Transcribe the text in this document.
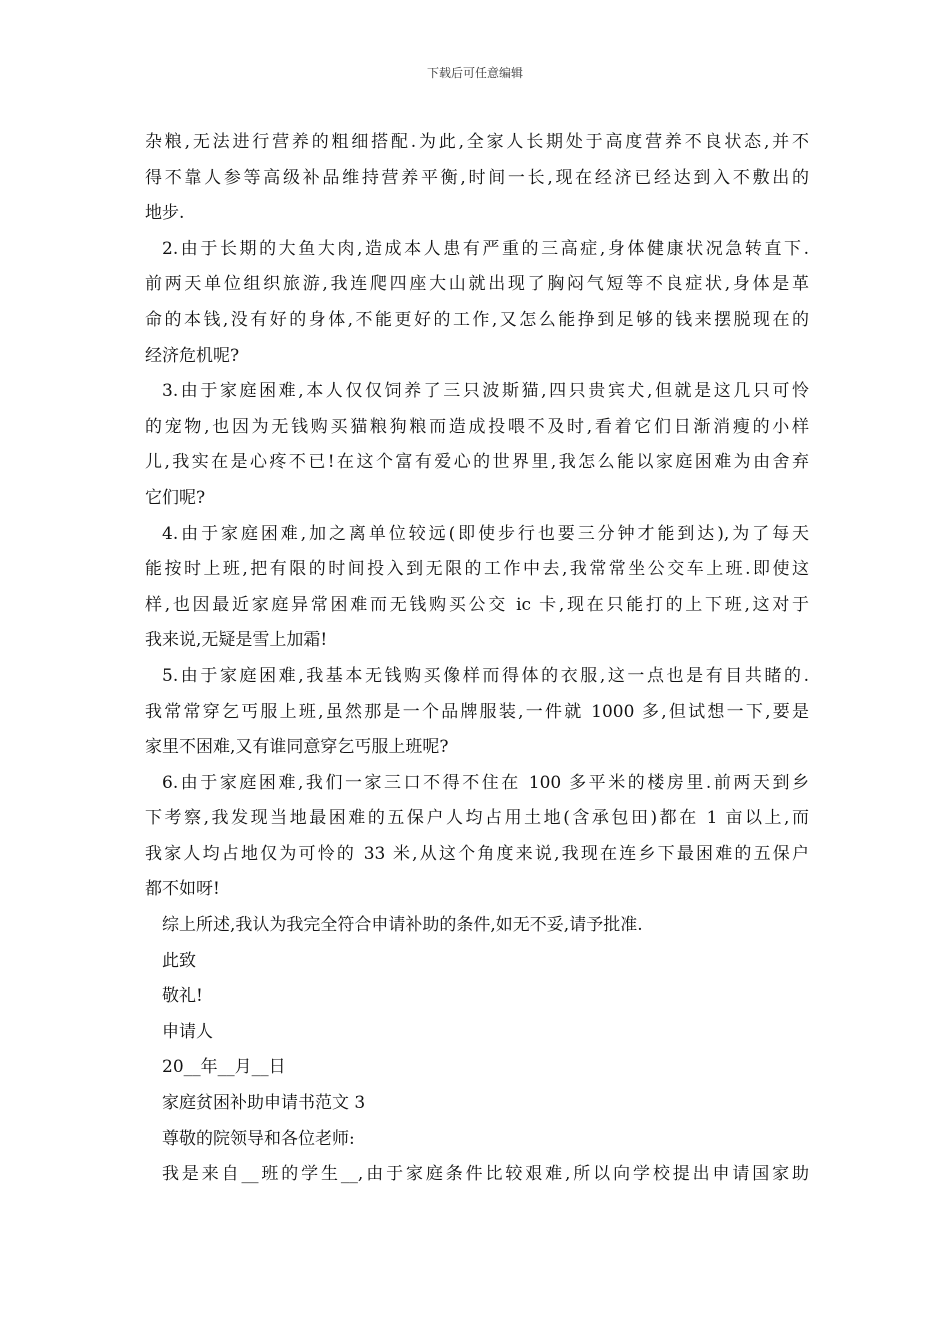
下载后可任意编辑
杂粮,无法进行营养的粗细搭配.为此,全家人长期处于高度营养不良状态,并不
得不靠人参等高级补品维持营养平衡,时间一长,现在经济已经达到入不敷出的
地步.
2.由于长期的大鱼大肉,造成本人患有严重的三高症,身体健康状况急转直下.
前两天单位组织旅游,我连爬四座大山就出现了胸闷气短等不良症状,身体是革
命的本钱,没有好的身体,不能更好的工作,又怎么能挣到足够的钱来摆脱现在的
经济危机呢?
3.由于家庭困难,本人仅仅饲养了三只波斯猫,四只贵宾犬,但就是这几只可怜
的宠物,也因为无钱购买猫粮狗粮而造成投喂不及时,看着它们日渐消瘦的小样
儿,我实在是心疼不已!在这个富有爱心的世界里,我怎么能以家庭困难为由舍弃
它们呢?
4.由于家庭困难,加之离单位较远(即使步行也要三分钟才能到达),为了每天
能按时上班,把有限的时间投入到无限的工作中去,我常常坐公交车上班.即使这
样,也因最近家庭异常困难而无钱购买公交 ic 卡,现在只能打的上下班,这对于
我来说,无疑是雪上加霜!
5.由于家庭困难,我基本无钱购买像样而得体的衣服,这一点也是有目共睹的.
我常常穿乞丐服上班,虽然那是一个品牌服装,一件就 1000 多,但试想一下,要是
家里不困难,又有谁同意穿乞丐服上班呢?
6.由于家庭困难,我们一家三口不得不住在 100 多平米的楼房里.前两天到乡
下考察,我发现当地最困难的五保户人均占用土地(含承包田)都在 1 亩以上,而
我家人均占地仅为可怜的 33 米,从这个角度来说,我现在连乡下最困难的五保户
都不如呀!
综上所述,我认为我完全符合申请补助的条件,如无不妥,请予批准.
此致
敬礼!
申请人
20__年__月__日
家庭贫困补助申请书范文 3
尊敬的院领导和各位老师:
我是来自__班的学生__,由于家庭条件比较艰难,所以向学校提出申请国家助
